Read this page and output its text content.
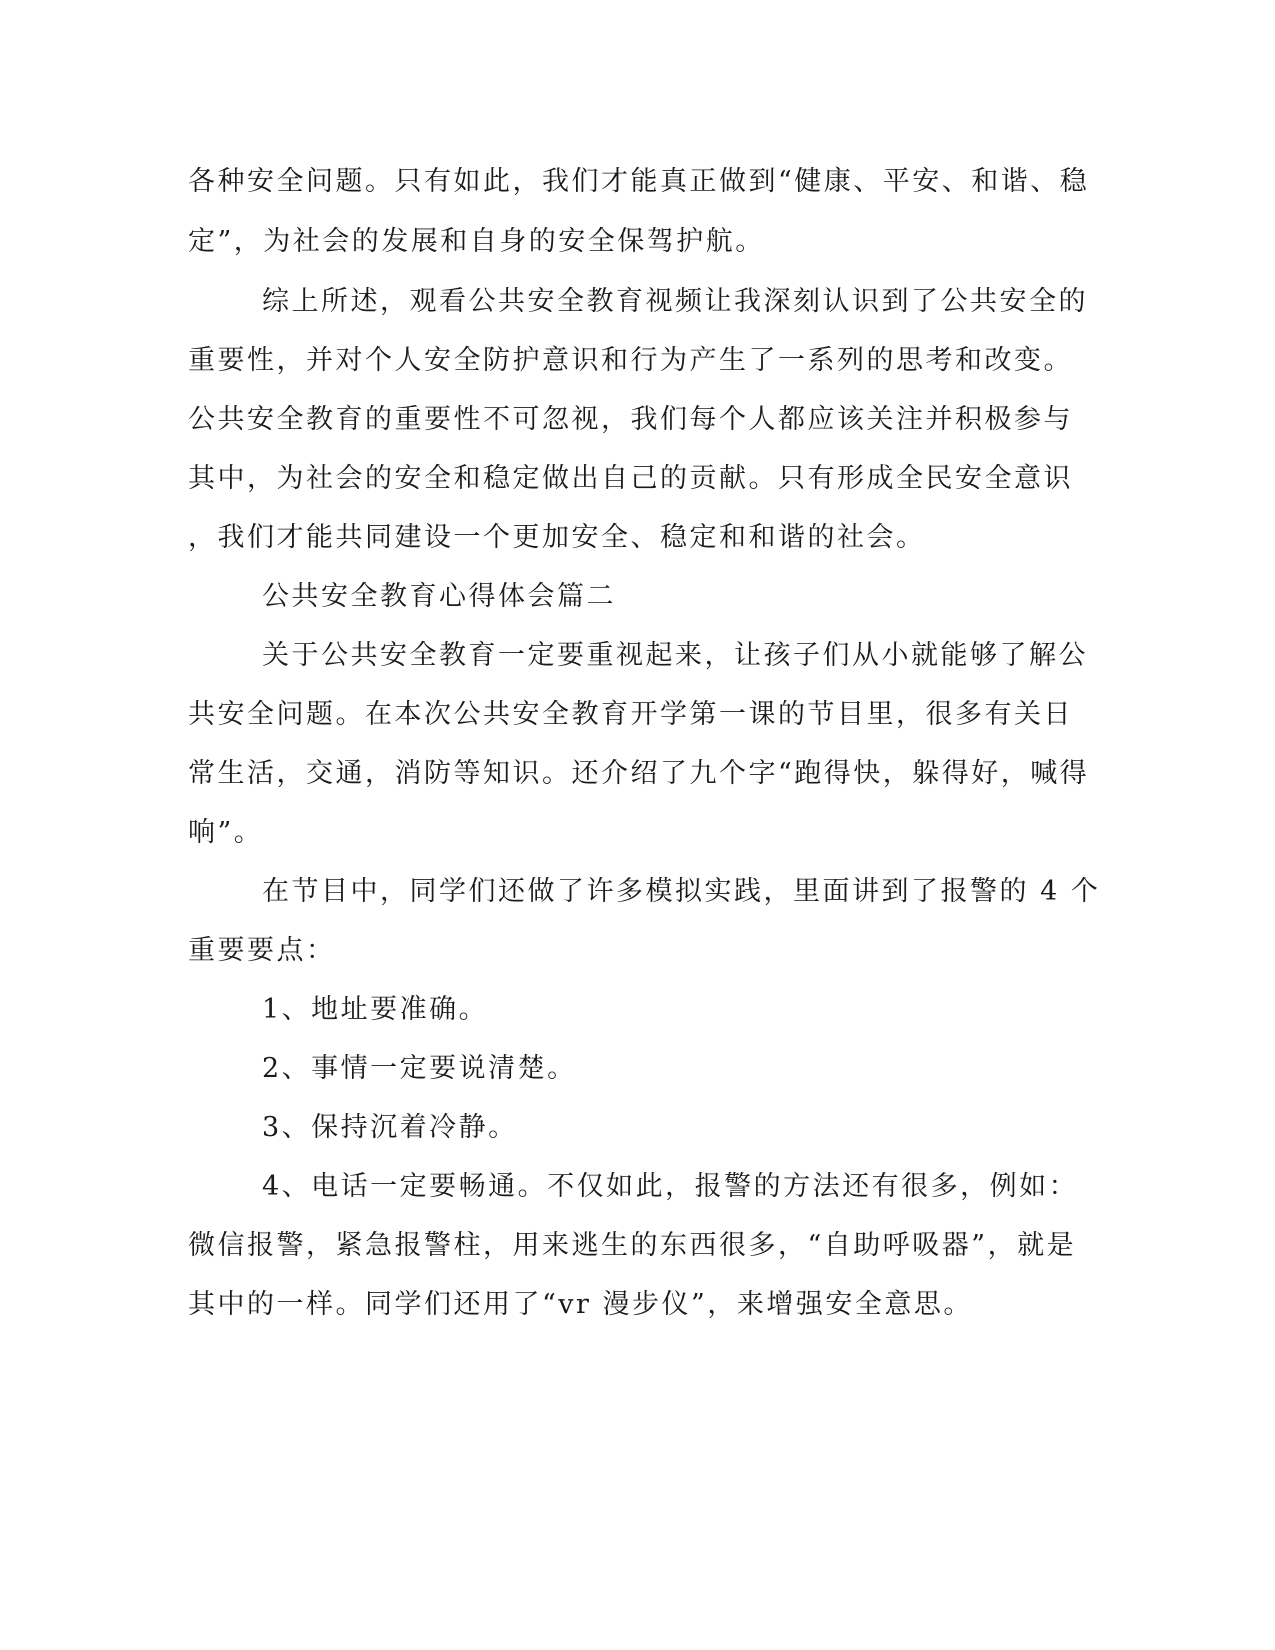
各种安全问题。只有如此，我们才能真正做到“健康、平安、和谐、稳
定”，为社会的发展和自身的安全保驾护航。
综上所述，观看公共安全教育视频让我深刻认识到了公共安全的
重要性，并对个人安全防护意识和行为产生了一系列的思考和改变。
公共安全教育的重要性不可忽视，我们每个人都应该关注并积极参与
其中，为社会的安全和稳定做出自己的贡献。只有形成全民安全意识
，我们才能共同建设一个更加安全、稳定和和谐的社会。
公共安全教育心得体会篇二
关于公共安全教育一定要重视起来，让孩子们从小就能够了解公
共安全问题。在本次公共安全教育开学第一课的节目里，很多有关日
常生活，交通，消防等知识。还介绍了九个字“跑得快，躲得好，喊得
响”。
在节目中，同学们还做了许多模拟实践，里面讲到了报警的 4 个
重要要点：
1、地址要准确。
2、事情一定要说清楚。
3、保持沉着冷静。
4、电话一定要畅通。不仅如此，报警的方法还有很多，例如：
微信报警，紧急报警柱，用来逃生的东西很多，“自助呼吸器”，就是
其中的一样。同学们还用了“vr 漫步仪”，来增强安全意思。
